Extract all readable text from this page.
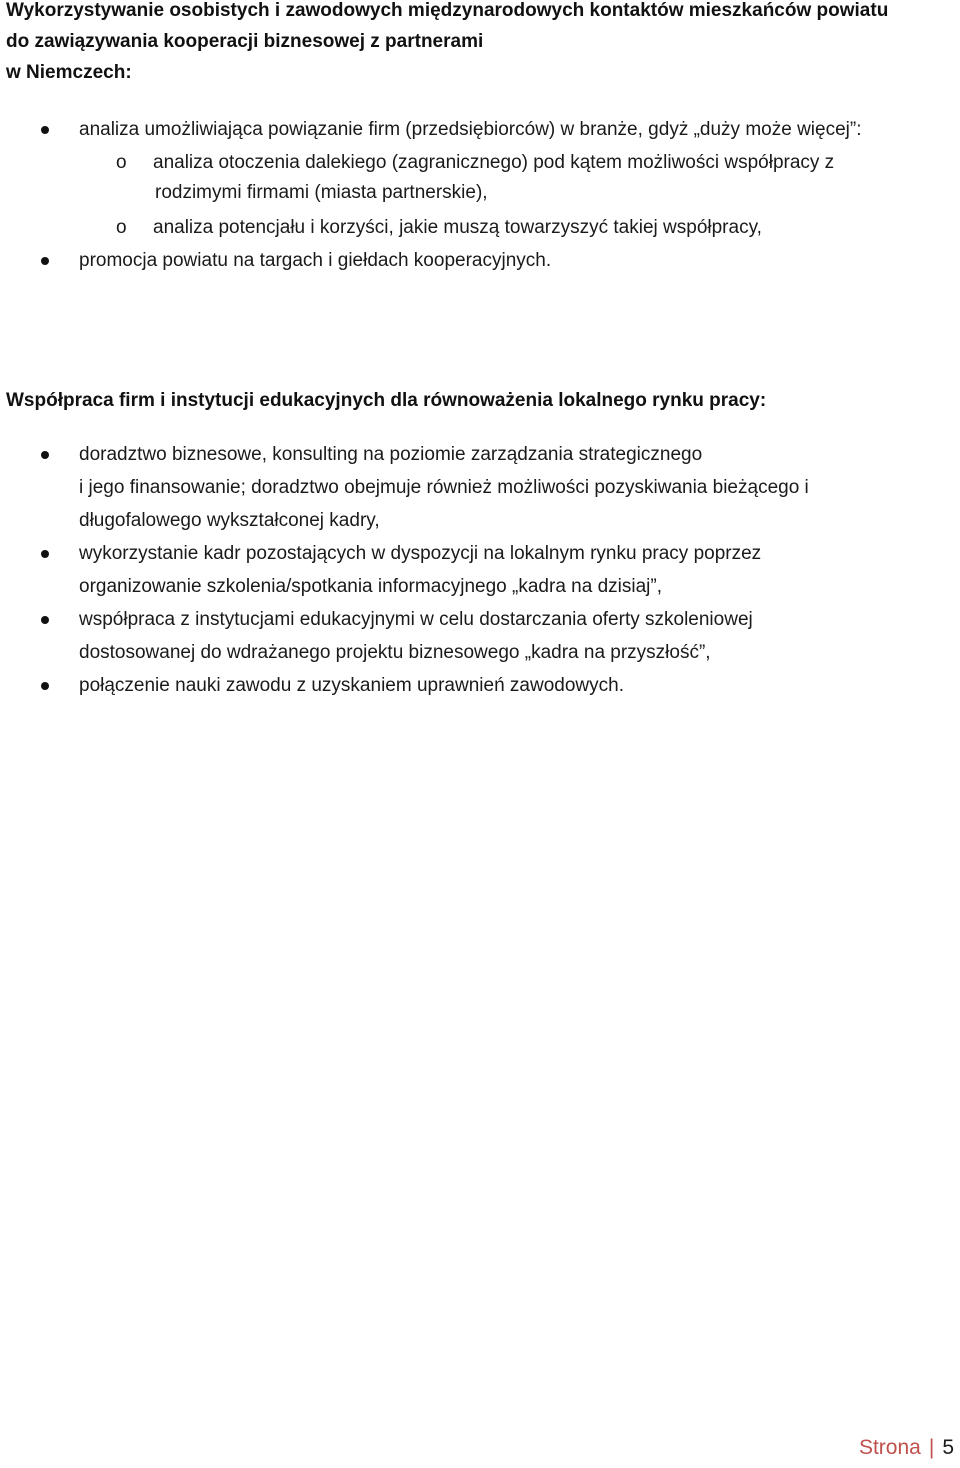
Wykorzystywanie osobistych i zawodowych międzynarodowych kontaktów mieszkańców powiatu
do zawiązywania kooperacji biznesowej z partnerami
w Niemczech:
analiza umożliwiająca powiązanie firm (przedsiębiorców) w branże, gdyż „duży może więcej”:
o analiza otoczenia dalekiego (zagranicznego) pod kątem możliwości współpracy z
rodzimymi firmami (miasta partnerskie),
o analiza potencjału i korzyści, jakie muszą towarzyszyć takiej współpracy,
promocja powiatu na targach i giełdach kooperacyjnych.
Współpraca firm i instytucji edukacyjnych dla równoważenia lokalnego rynku pracy:
doradztwo biznesowe, konsulting na poziomie zarządzania strategicznego
i jego finansowanie; doradztwo obejmuje również możliwości pozyskiwania bieżącego i
długofalowego wykształconej kadry,
wykorzystanie kadr pozostających w dyspozycji na lokalnym rynku pracy poprzez
organizowanie szkolenia/spotkania informacyjnego „kadra na dzisiaj”,
współpraca z instytucjami edukacyjnymi w celu dostarczania oferty szkoleniowej
dostosowanej do wdrażanego projektu biznesowego „kadra na przyszłość”,
połączenie nauki zawodu z uzyskaniem uprawnień zawodowych.
Strona | 5
